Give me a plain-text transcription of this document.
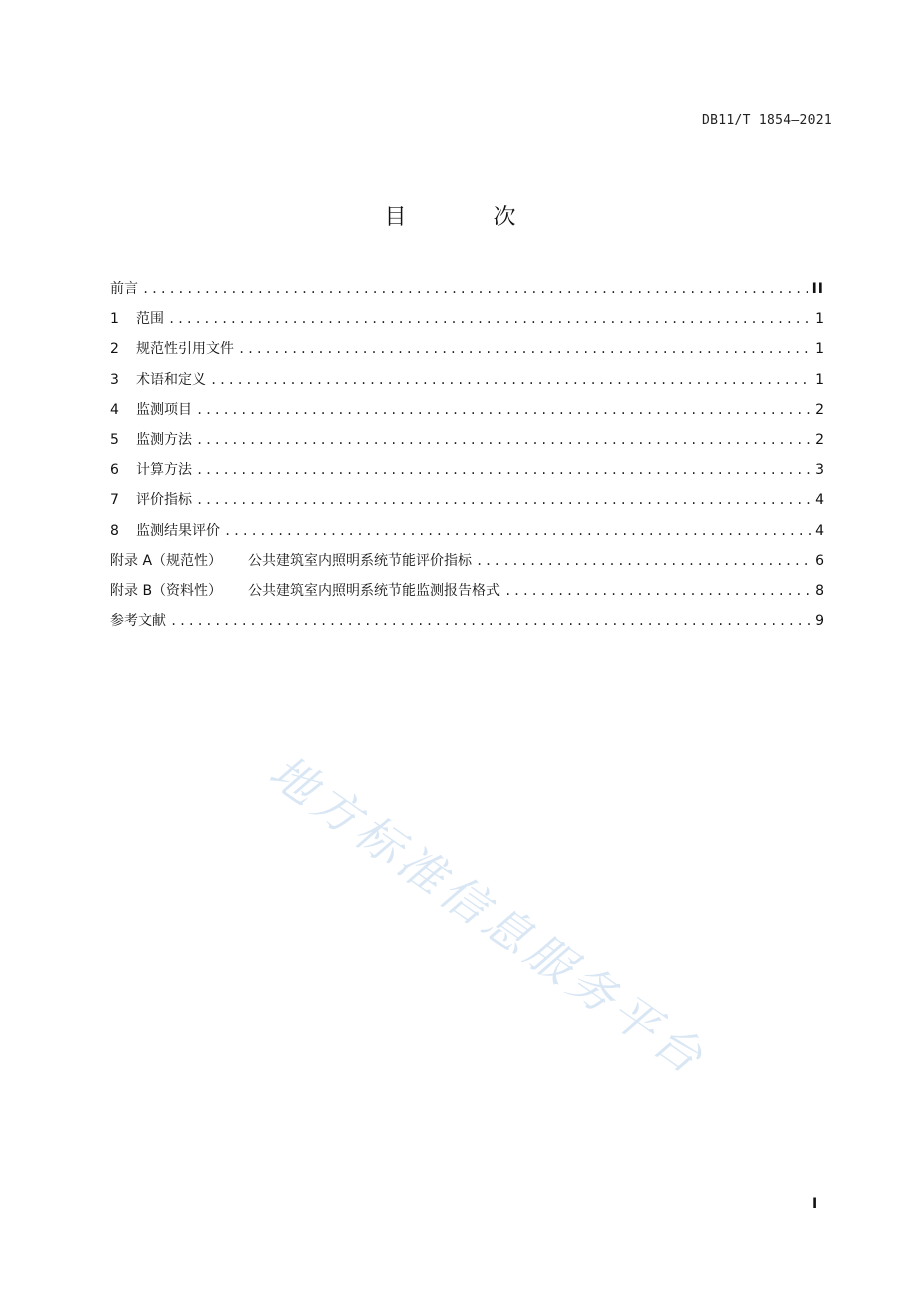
DB11/T 1854—2021
目 次
前言 .....	II
1	范围 .....	1
2	规范性引用文件 .....	1
3	术语和定义 .....	1
4	监测项目 .....	2
5	监测方法 .....	2
6	计算方法 .....	3
7	评价指标 .....	4
8	监测结果评价 .....	4
附录 A（规范性） 公共建筑室内照明系统节能评价指标 .....	6
附录 B（资料性） 公共建筑室内照明系统节能监测报告格式 .....	8
参考文献 .....	9
地方标准信息服务平台
I
